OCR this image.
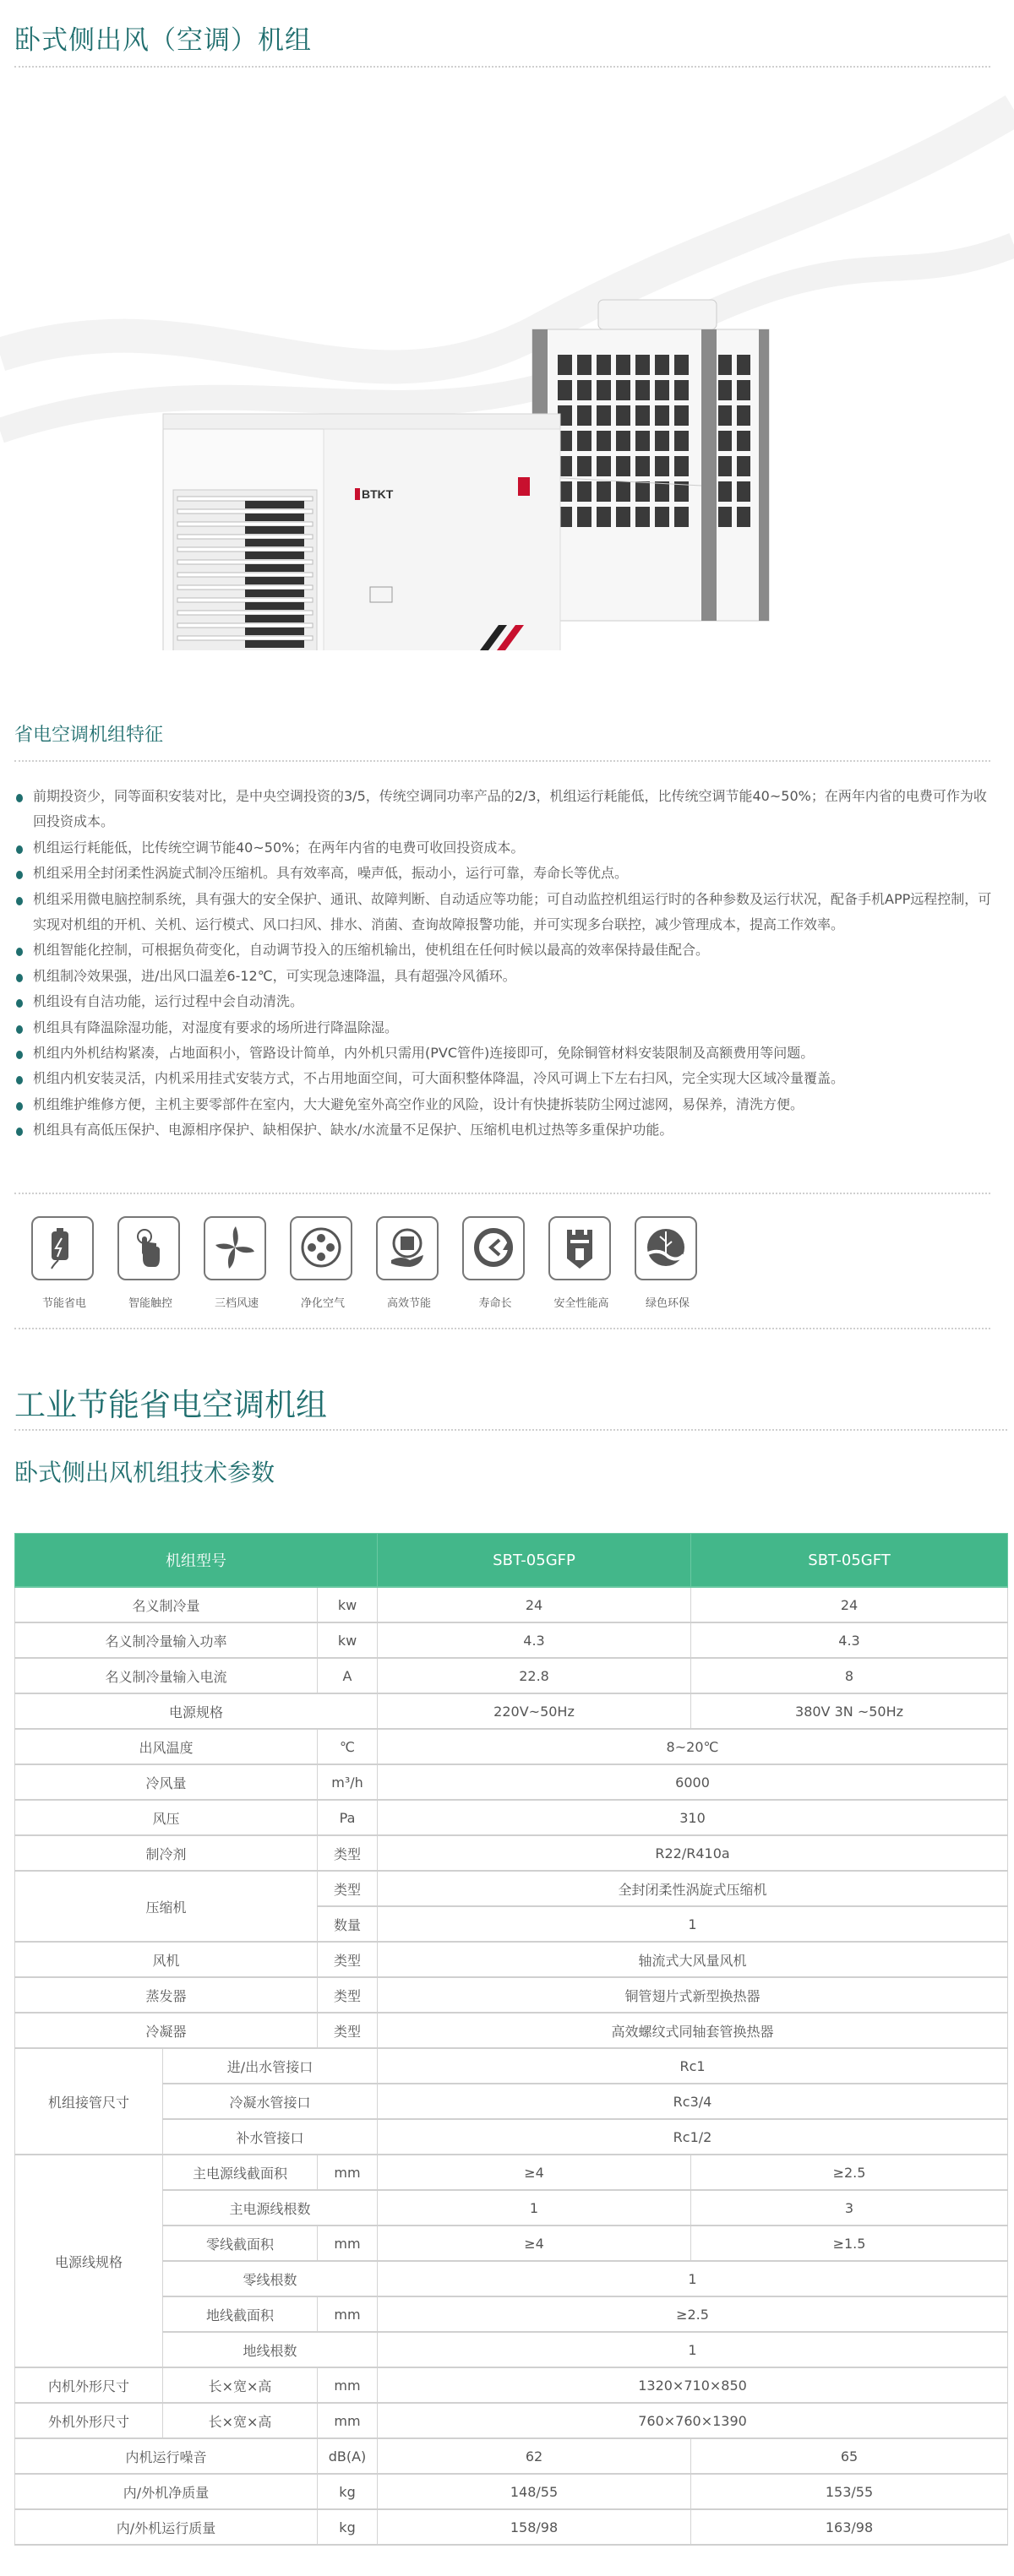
卧式侧出风（空调）机组
BTKT
省电空调机组特征
前期投资少，同等面积安装对比，是中央空调投资的3/5，传统空调同功率产品的2/3，机组运行耗能低，比传统空调节能40~50%；在两年内省的电费可作为收回投资成本。
机组运行耗能低，比传统空调节能40~50%；在两年内省的电费可收回投资成本。
机组采用全封闭柔性涡旋式制冷压缩机。具有效率高，噪声低，振动小，运行可靠，寿命长等优点。
机组采用微电脑控制系统，具有强大的安全保护、通讯、故障判断、自动适应等功能；可自动监控机组运行时的各种参数及运行状况，配备手机APP远程控制，可实现对机组的开机、关机、运行模式、风口扫风、排水、消菌、查询故障报警功能，并可实现多台联控，减少管理成本，提高工作效率。
机组智能化控制，可根据负荷变化，自动调节投入的压缩机输出，使机组在任何时候以最高的效率保持最佳配合。
机组制冷效果强，进/出风口温差6-12℃，可实现急速降温，具有超强冷风循环。
机组设有自洁功能，运行过程中会自动清洗。
机组具有降温除湿功能，对湿度有要求的场所进行降温除湿。
机组内外机结构紧凑，占地面积小，管路设计简单，内外机只需用(PVC管件)连接即可，免除铜管材料安装限制及高额费用等问题。
机组内机安装灵活，内机采用挂式安装方式，不占用地面空间，可大面积整体降温，冷风可调上下左右扫风，完全实现大区域冷量覆盖。
机组维护维修方便，主机主要零部件在室内，大大避免室外高空作业的风险，设计有快捷拆装防尘网过滤网，易保养，清洗方便。
机组具有高低压保护、电源相序保护、缺相保护、缺水/水流量不足保护、压缩机电机过热等多重保护功能。
节能省电	智能触控	三档风速	净化空气	高效节能	寿命长	安全性能高	绿色环保
工业节能省电空调机组
卧式侧出风机组技术参数
机组型号			SBT-05GFP	SBT-05GFT
名义制冷量		kw	24	24
名义制冷量输入功率		kw	4.3	4.3
名义制冷量输入电流		A	22.8	8
电源规格			220V~50Hz	380V 3N ~50Hz
出风温度		℃	8~20℃	
冷风量		m³/h	6000	
风压		Pa	310	
制冷剂		类型	R22/R410a	
压缩机		类型	全封闭柔性涡旋式压缩机	
		数量	1	
风机		类型	轴流式大风量风机	
蒸发器		类型	铜管翅片式新型换热器	
冷凝器		类型	高效螺纹式同轴套管换热器	
机组接管尺寸	进/出水管接口		Rc1	
	冷凝水管接口		Rc3/4	
	补水管接口		Rc1/2	
电源线规格	主电源线截面积	mm	≥4	≥2.5
	主电源线根数		1	3
	零线截面积	mm	≥4	≥1.5
	零线根数		1	
	地线截面积	mm	≥2.5	
	地线根数		1	
内机外形尺寸	长×宽×高	mm	1320×710×850	
外机外形尺寸	长×宽×高	mm	760×760×1390	
内机运行噪音		dB(A)	62	65
内/外机净质量		kg	148/55	153/55
内/外机运行质量		kg	158/98	163/98
